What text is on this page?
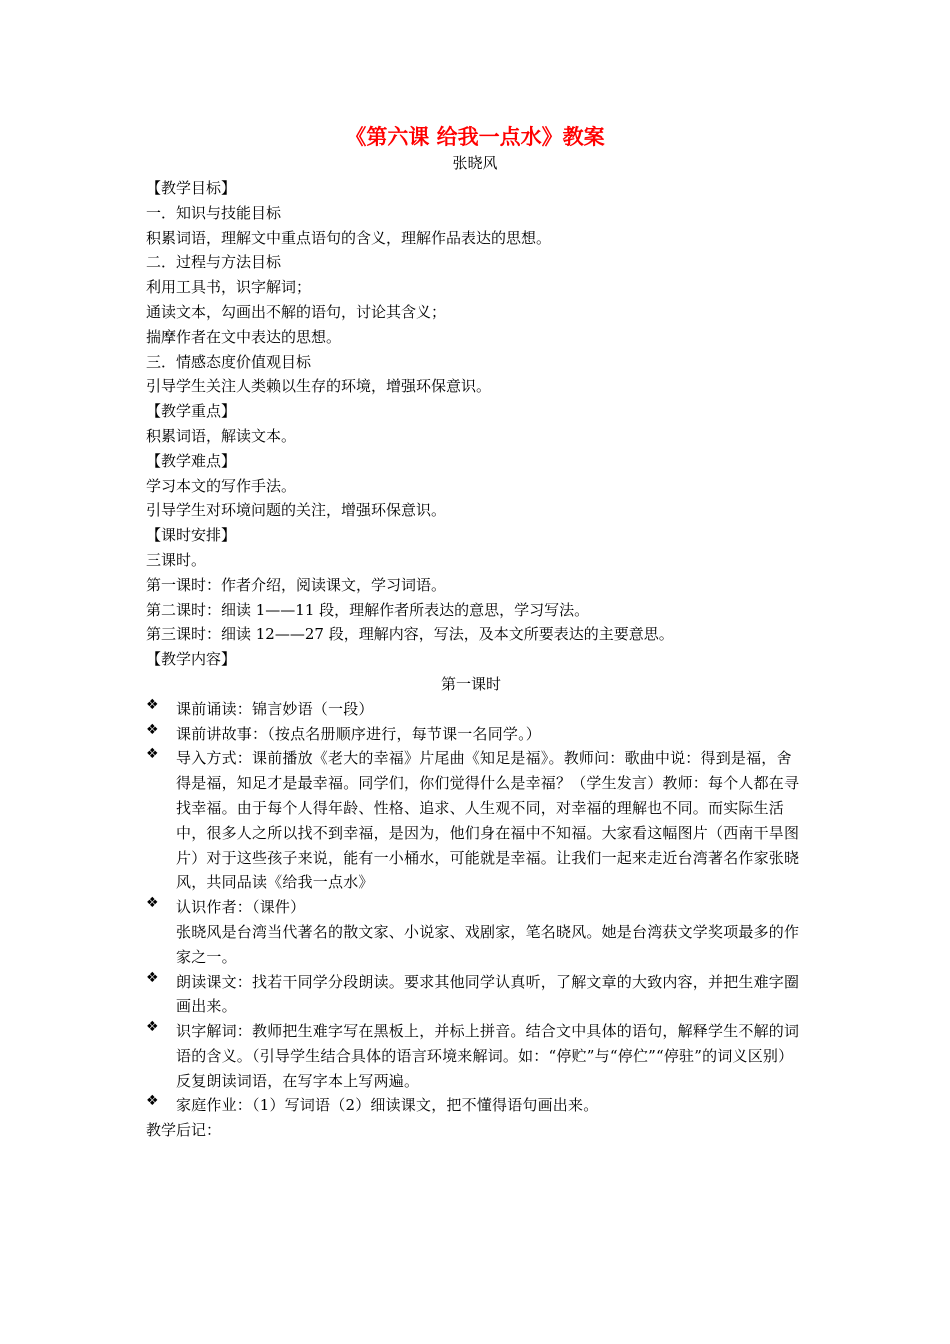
《第六课 给我一点水》教案
张晓风
【教学目标】
一．知识与技能目标
积累词语，理解文中重点语句的含义，理解作品表达的思想。
二．过程与方法目标
利用工具书，识字解词；
通读文本，勾画出不解的语句，讨论其含义；
揣摩作者在文中表达的思想。
三．情感态度价值观目标
引导学生关注人类赖以生存的环境，增强环保意识。
【教学重点】
积累词语，解读文本。
【教学难点】
学习本文的写作手法。
引导学生对环境问题的关注，增强环保意识。
【课时安排】
三课时。
第一课时：作者介绍，阅读课文，学习词语。
第二课时：细读 1——11 段，理解作者所表达的意思，学习写法。
第三课时：细读 12——27 段，理解内容，写法，及本文所要表达的主要意思。
【教学内容】
第一课时
❖	课前诵读：锦言妙语（一段）
❖	课前讲故事：（按点名册顺序进行，每节课一名同学。）
❖	导入方式：课前播放《老大的幸福》片尾曲《知足是福》。教师问：歌曲中说：得到是福，舍得是福，知足才是最幸福。同学们，你们觉得什么是幸福？（学生发言）教师：每个人都在寻找幸福。由于每个人得年龄、性格、追求、人生观不同，对幸福的理解也不同。而实际生活中，很多人之所以找不到幸福，是因为，他们身在福中不知福。大家看这幅图片（西南干旱图片）对于这些孩子来说，能有一小桶水，可能就是幸福。让我们一起来走近台湾著名作家张晓风，共同品读《给我一点水》
❖	认识作者：（课件）
张晓风是台湾当代著名的散文家、小说家、戏剧家，笔名晓风。她是台湾获文学奖项最多的作家之一。
❖	朗读课文：找若干同学分段朗读。要求其他同学认真听，了解文章的大致内容，并把生难字圈画出来。
❖	识字解词：教师把生难字写在黑板上，并标上拼音。结合文中具体的语句，解释学生不解的词语的含义。（引导学生结合具体的语言环境来解词。如：“停贮”与“停伫”“停驻”的词义区别）反复朗读词语，在写字本上写两遍。
❖	家庭作业：（1）写词语（2）细读课文，把不懂得语句画出来。
教学后记：
